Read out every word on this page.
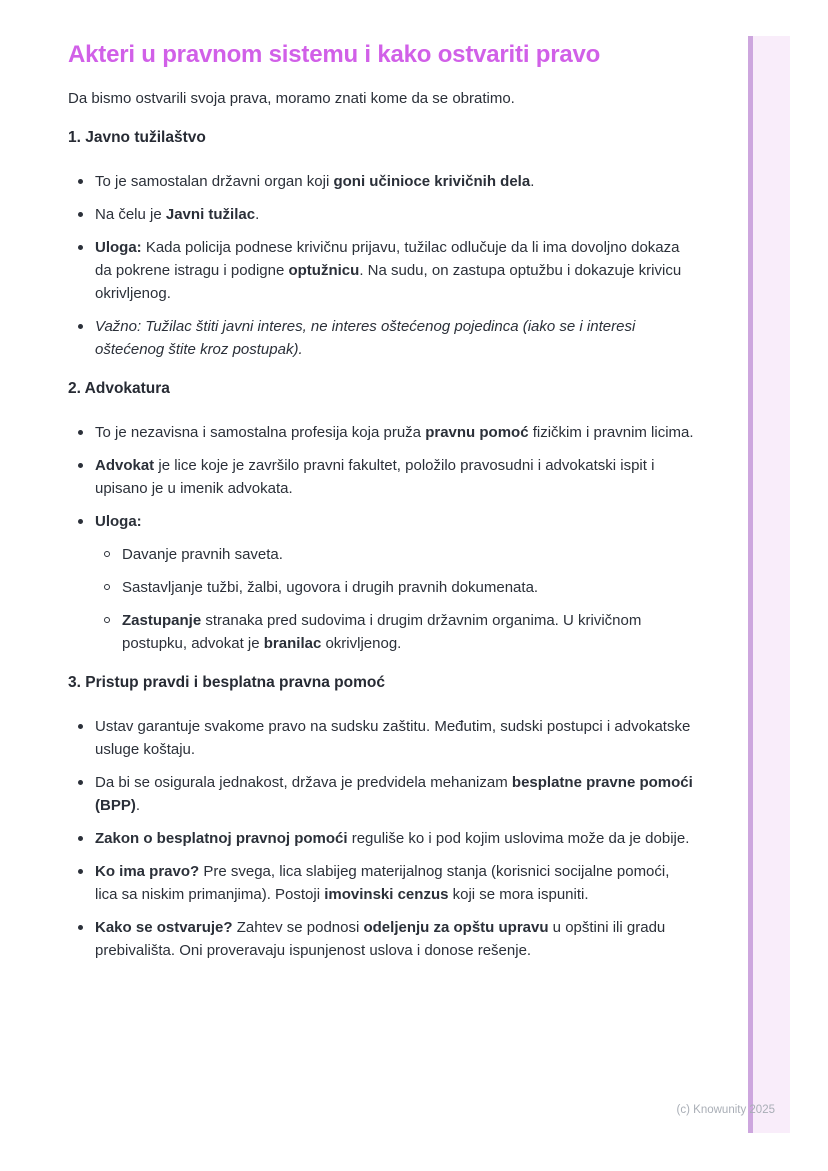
Akteri u pravnom sistemu i kako ostvariti pravo

Da bismo ostvarili svoja prava, moramo znati kome da se obratimo.

1. Javno tužilaštvo
To je samostalan državni organ koji goni učinioce krivičnih dela.
Na čelu je Javni tužilac.
Uloga: Kada policija podnese krivičnu prijavu, tužilac odlučuje da li ima dovoljno dokaza da pokrene istragu i podigne optužnicu. Na sudu, on zastupa optužbu i dokazuje krivicu okrivljenog.
Važno: Tužilac štiti javni interes, ne interes oštećenog pojedinca (iako se i interesi oštećenog štite kroz postupak).
2. Advokatura
To je nezavisna i samostalna profesija koja pruža pravnu pomoć fizičkim i pravnim licima.
Advokat je lice koje je završilo pravni fakultet, položilo pravosudni i advokatski ispit i upisano je u imenik advokata.
Uloga:
Davanje pravnih saveta.
Sastavljanje tužbi, žalbi, ugovora i drugih pravnih dokumenata.
Zastupanje stranaka pred sudovima i drugim državnim organima. U krivičnom postupku, advokat je branilac okrivljenog.
3. Pristup pravdi i besplatna pravna pomoć
Ustav garantuje svakome pravo na sudsku zaštitu. Međutim, sudski postupci i advokatske usluge koštaju.
Da bi se osigurala jednakost, država je predvidela mehanizam besplatne pravne pomoći (BPP).
Zakon o besplatnoj pravnoj pomoći reguliše ko i pod kojim uslovima može da je dobije.
Ko ima pravo? Pre svega, lica slabijeg materijalnog stanja (korisnici socijalne pomoći, lica sa niskim primanjima). Postoji imovinski cenzus koji se mora ispuniti.
Kako se ostvaruje? Zahtev se podnosi odeljenju za opštu upravu u opštini ili gradu prebivališta. Oni proveravaju ispunjenost uslova i donose rešenje.
(c) Knowunity 2025
